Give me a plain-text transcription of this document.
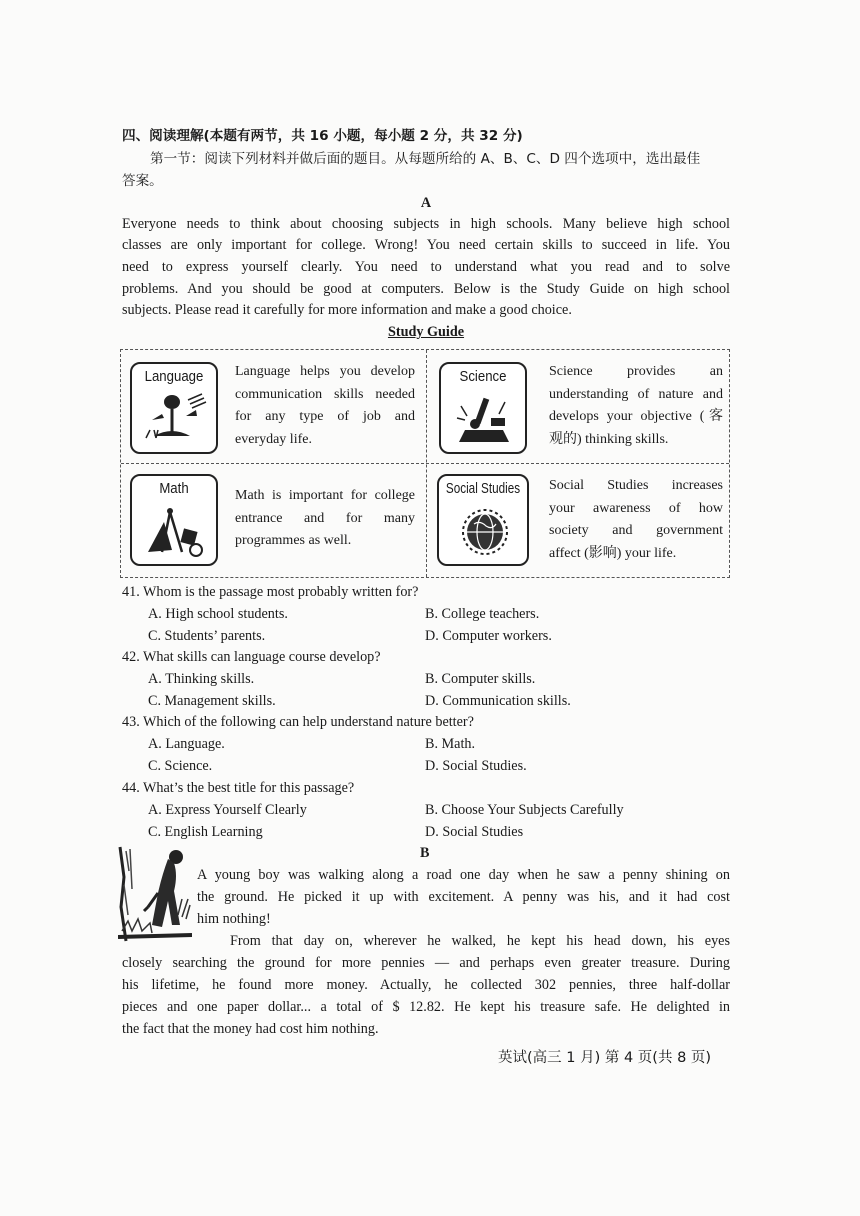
四、阅读理解(本题有两节，共 16 小题，每小题 2 分，共 32 分)
第一节：阅读下列材料并做后面的题目。从每题所给的 A、B、C、D 四个选项中，选出最佳
答案。
A
Everyone needs to think about choosing subjects in high schools. Many believe high school
classes are only important for college. Wrong! You need certain skills to succeed in life. You
need to express yourself clearly. You need to understand what you read and to solve
problems. And you should be good at computers. Below is the Study Guide on high school
subjects. Please read it carefully for more information and make a good choice.
Study Guide
Language	Language helps you develop
communication skills needed
for any type of job and
everyday life.
Science	Science provides an
understanding of nature and
develops your objective (客
观的) thinking skills.
Math	Math is important for college
entrance and for many
programmes as well.
Social Studies	Social Studies increases
your awareness of how
society and government
affect (影响) your life.
41. Whom is the passage most probably written for?
A. High school students.	B. College teachers.
C. Students’ parents.	D. Computer workers.
42. What skills can language course develop?
A. Thinking skills.	B. Computer skills.
C. Management skills.	D. Communication skills.
43. Which of the following can help understand nature better?
A. Language.	B. Math.
C. Science.	D. Social Studies.
44. What’s the best title for this passage?
A. Express Yourself Clearly	B. Choose Your Subjects Carefully
C. English Learning	D. Social Studies
B
A young boy was walking along a road one day when he saw a penny shining on
the ground. He picked it up with excitement. A penny was his, and it had cost
him nothing!
From that day on, wherever he walked, he kept his head down, his eyes
closely searching the ground for more pennies — and perhaps even greater treasure. During
his lifetime, he found more money. Actually, he collected 302 pennies, three half-dollar
pieces and one paper dollar... a total of $ 12.82. He kept his treasure safe. He delighted in
the fact that the money had cost him nothing.
英试(高三 1 月) 第 4 页(共 8 页)
